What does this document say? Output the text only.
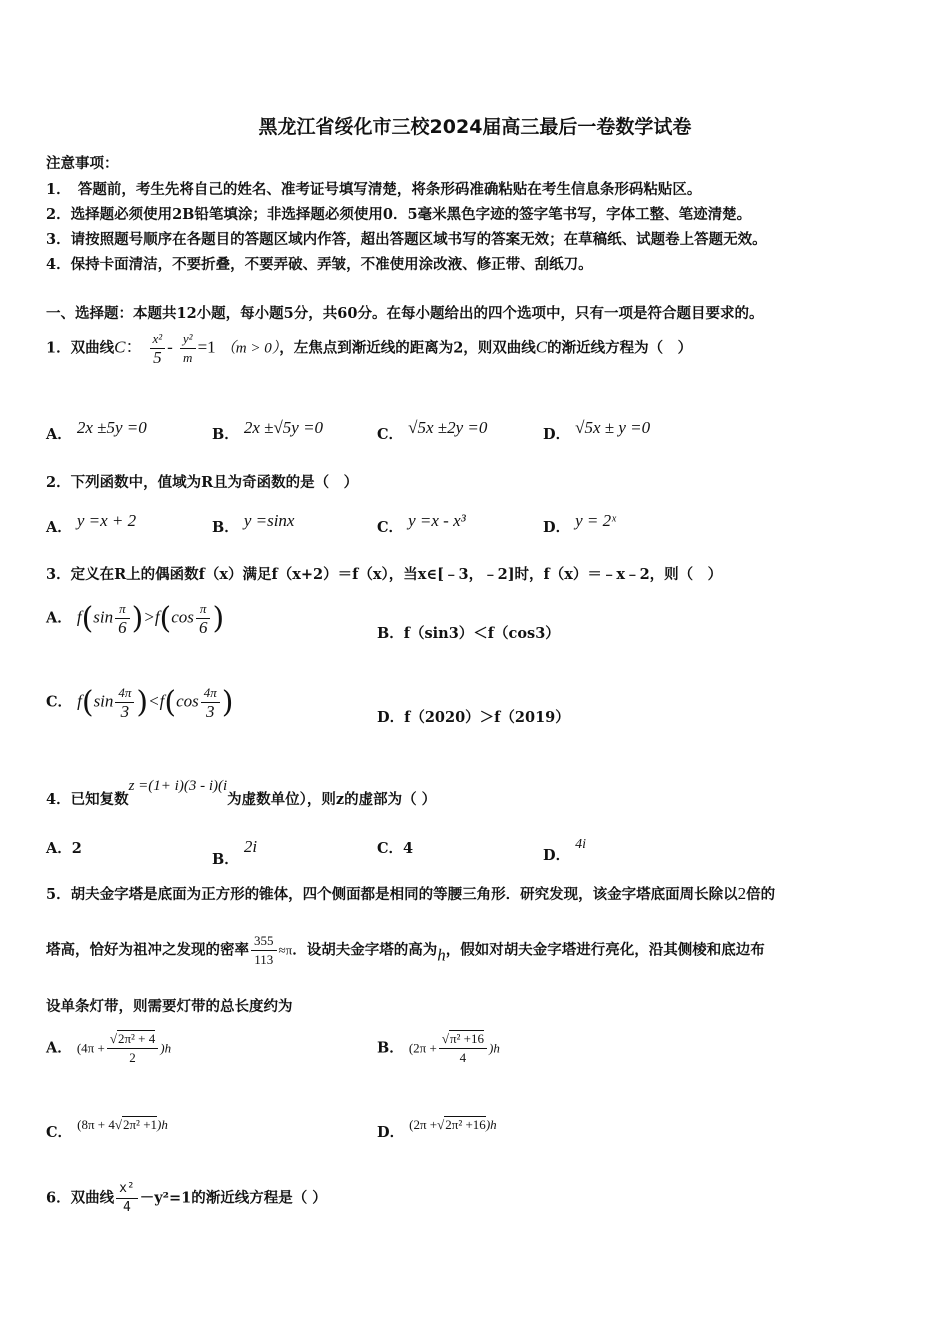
黑龙江省绥化市三校2024届高三最后一卷数学试卷
注意事项：
1．　答题前，考生先将自己的姓名、准考证号填写清楚，将条形码准确粘贴在考生信息条形码粘贴区。
2．选择题必须使用2B铅笔填涂；非选择题必须使用0．5毫米黑色字迹的签字笔书写，字体工整、笔迹清楚。
3．请按照题号顺序在各题目的答题区域内作答，超出答题区域书写的答案无效；在草稿纸、试题卷上答题无效。
4．保持卡面清洁，不要折叠，不要弄破、弄皱，不准使用涂改液、修正带、刮纸刀。
一、选择题：本题共12小题，每小题5分，共60分。在每小题给出的四个选项中，只有一项是符合题目要求的。
1．双曲线C： $\frac{\text{x²}}{5} - \frac{\text{y²}}{m} =1$ （m > 0），左焦点到渐近线的距离为2，则双曲线C的渐近线方程为（　）
A． 2x ±5y =0	B． 2x ±√5y =0	C． √5x ±2y =0	D． √5x ± y =0
2．下列函数中，值域为R且为奇函数的是（　）
A． y =x + 2	B． y =sinx	C． y =x - x³	D． y = 2ˣ
3．定义在R上的偶函数f（x）满足f（x+2）＝f（x），当x∈[﹣3，﹣2]时，f（x）＝﹣x﹣2，则（　）
A． $f(\sin \frac{\pi}{6} )>f(\cos \frac{\pi}{6}$ )	B．f（sin3）＜f（cos3）
C． $f(\sin \frac{4\pi}{3} )<f(\cos \frac{4\pi}{3}$ )	D．f（2020）＞f（2019）
4．已知复数z =(1+ i)(3 - i)(i为虚数单位），则z的虚部为（ ）
A．2
B． 2i	C．4	D． 4i
5．胡夫金字塔是底面为正方形的锥体，四个侧面都是相同的等腰三角形．研究发现，该金字塔底面周长除以2倍的
塔高，恰好为祖冲之发现的密率 $\frac{355}{113} \approx\pi$．设胡夫金字塔的高为h，假如对胡夫金字塔进行亮化，沿其侧棱和底边布
设单条灯带，则需要灯带的总长度约为
A． $(4\pi + \frac{\text{√2π² + 4}}{2} )h$	B． $(2\pi + \frac{\text{√π² +16}}{4} )h$
C． (8π + 4√2π² +1)h	D． (2π +√2π² +16)h
6．双曲线 $\frac{\text{x²}}{4} -y^2=1$的渐近线方程是（ ）
